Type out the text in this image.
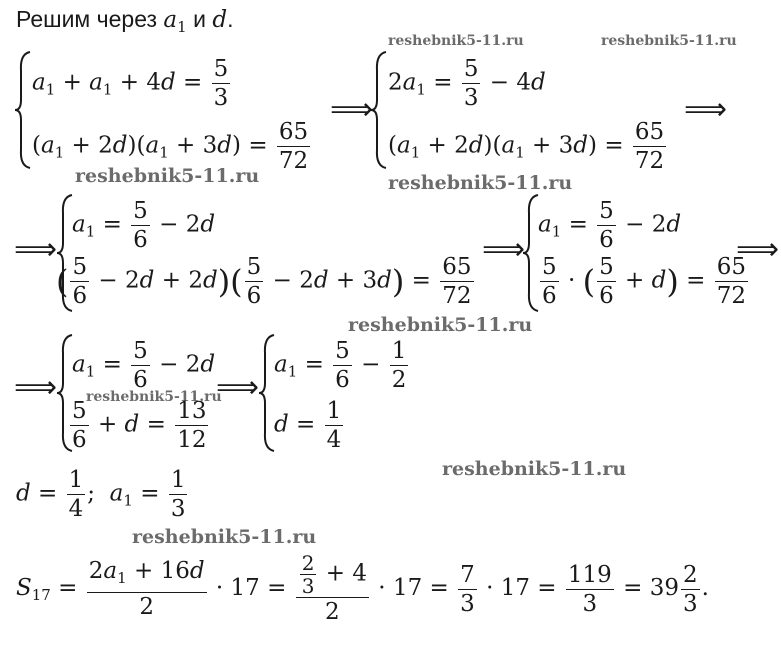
Решим через $a_1$ и d.
reshebnik5-11.ru	reshebnik5-11.ru
reshebnik5-11.ru	reshebnik5-11.ru
reshebnik5-11.ru
reshebnik5-11.ru
reshebnik5-11.ru
reshebnik5-11.ru
$a_1 + a_1 + 4d = \frac{5}{3}$
$(a_1 + 2d)(a_1 + 3d) = \frac{65}{72}$
⟹
$2a_1 = \frac{5}{3} - 4d$
$(a_1 + 2d)(a_1 + 3d) = \frac{65}{72}$
⟹
⟹
$a_1 = \frac{5}{6} - 2d$
( $\frac{5}{6} - 2d + 2d)( \frac{5}{6} - 2d + 3d) = \frac{65}{72}$
⟹
$a_1 = \frac{5}{6} - 2d$
$\frac{5}{6}$ · ( $\frac{5}{6} + d) = \frac{65}{72}$
⟹
⟹
$a_1 = \frac{5}{6} - 2d$
$\frac{5}{6} + d = \frac{13}{12}$
⟹
$a_1 = \frac{5}{6} - \frac{1}{2}$
$d = \frac{1}{4}$
$d = \frac{1}{4}$ ;  $a_1 = \frac{1}{3}$
$S_{17} = \frac{2a_1 + 16d}{2} \cdot 17 = \frac{\frac{2}{3} + 4}{2} \cdot 17 = \frac{7}{3} \cdot 17 = \frac{119}{3} = 39 \frac{2}{3}$ .
